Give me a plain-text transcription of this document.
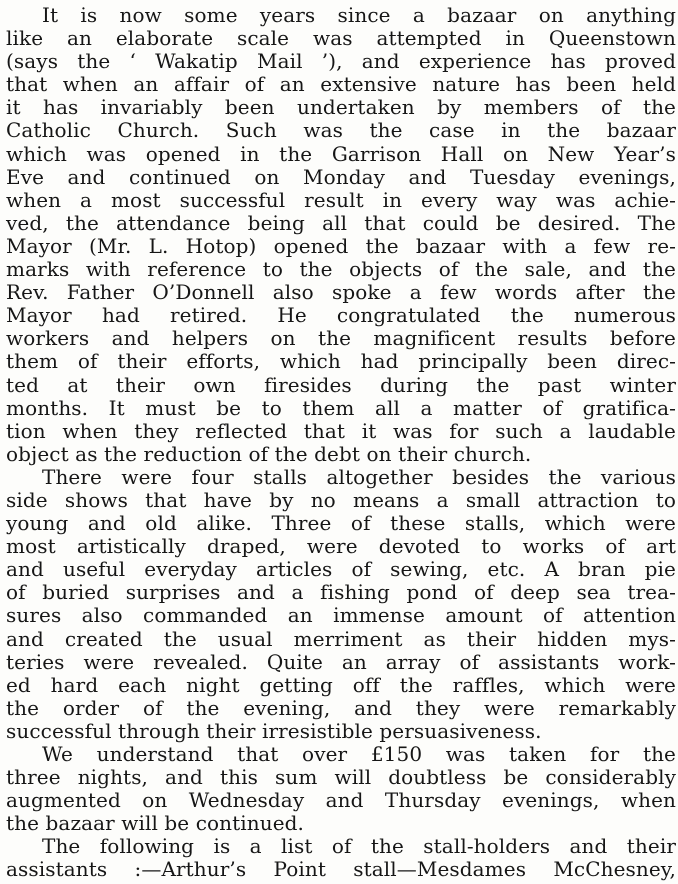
It is now some years since a bazaar on anything
like an elaborate scale was attempted in Queenstown
(says the ‘ Wakatip Mail ’), and experience has proved
that when an affair of an extensive nature has been held
it has invariably been undertaken by members of the
Catholic Church. Such was the case in the bazaar
which was opened in the Garrison Hall on New Year’s
Eve and continued on Monday and Tuesday evenings,
when a most successful result in every way was achie-
ved, the attendance being all that could be desired. The
Mayor (Mr. L. Hotop) opened the bazaar with a few re-
marks with reference to the objects of the sale, and the
Rev. Father O’Donnell also spoke a few words after the
Mayor had retired. He congratulated the numerous
workers and helpers on the magnificent results before
them of their efforts, which had principally been direc-
ted at their own firesides during the past winter
months. It must be to them all a matter of gratifica-
tion when they reflected that it was for such a laudable
object as the reduction of the debt on their church.
There were four stalls altogether besides the various
side shows that have by no means a small attraction to
young and old alike. Three of these stalls, which were
most artistically draped, were devoted to works of art
and useful everyday articles of sewing, etc. A bran pie
of buried surprises and a fishing pond of deep sea trea-
sures also commanded an immense amount of attention
and created the usual merriment as their hidden mys-
teries were revealed. Quite an array of assistants work-
ed hard each night getting off the raffles, which were
the order of the evening, and they were remarkably
successful through their irresistible persuasiveness.
We understand that over £150 was taken for the
three nights, and this sum will doubtless be considerably
augmented on Wednesday and Thursday evenings, when
the bazaar will be continued.
The following is a list of the stall-holders and their
assistants :—Arthur’s Point stall—Mesdames McChesney,
